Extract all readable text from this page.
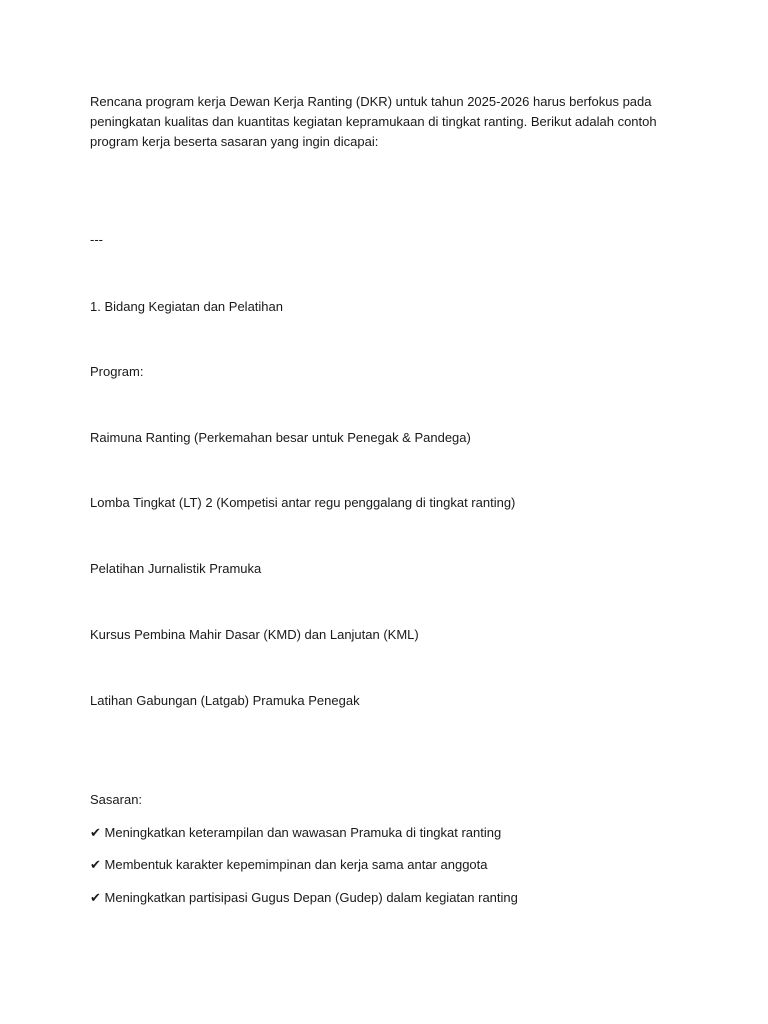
Rencana program kerja Dewan Kerja Ranting (DKR) untuk tahun 2025-2026 harus berfokus pada peningkatan kualitas dan kuantitas kegiatan kepramukaan di tingkat ranting. Berikut adalah contoh program kerja beserta sasaran yang ingin dicapai:

---

1. Bidang Kegiatan dan Pelatihan

Program:

Raimuna Ranting (Perkemahan besar untuk Penegak & Pandega)

Lomba Tingkat (LT) 2 (Kompetisi antar regu penggalang di tingkat ranting)

Pelatihan Jurnalistik Pramuka

Kursus Pembina Mahir Dasar (KMD) dan Lanjutan (KML)

Latihan Gabungan (Latgab) Pramuka Penegak

Sasaran:

✔ Meningkatkan keterampilan dan wawasan Pramuka di tingkat ranting

✔ Membentuk karakter kepemimpinan dan kerja sama antar anggota

✔ Meningkatkan partisipasi Gugus Depan (Gudep) dalam kegiatan ranting
